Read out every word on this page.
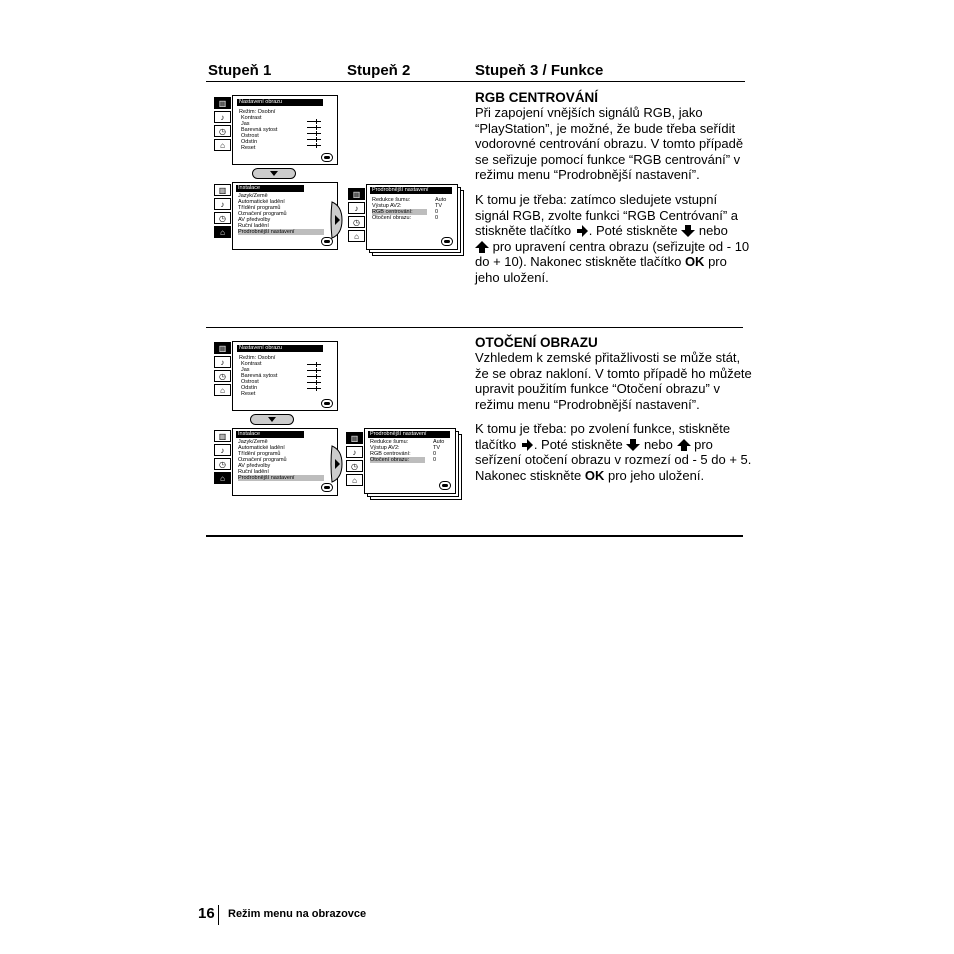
Stupeň 1	Stupeň 2	Stupeň 3 / Funkce
▥
♪
◷
⌂
Nastavení obrazu
Režim: Osobní
Kontrast
Jas
Barevná sytost
Ostrost
Odstín
Reset
▥
♪
◷
⌂
Instalace
Jazyk/Země
Automatické ladění
Třídění programů
Označení programů
AV předvolby
Ruční ladění
Prodrobnější nastavení
▥
♪
◷
⌂
Prodrobnější nastavení
Redukce šumu:
Výstup AV2:
RGB centrování:
Otočení obrazu:
Auto
TV
0
0
RGB CENTROVÁNÍ
Při zapojení vnějších signálů RGB, jako “PlayStation”, je možné, že bude třeba seřídit vodorovné centrování obrazu. V tomto případě se seřizuje pomocí funkce “RGB centrování” v režimu menu “Prodrobnější nastavení”.
K tomu je třeba: zatímco sledujete vstupní signál RGB, zvolte funkci “RGB Centróvaní” a stiskněte tlačítko . Poté stiskněte nebo
pro upravení centra obrazu (seřizujte od - 10 do + 10). Nakonec stiskněte tlačítko OK pro jeho uložení.
▥
♪
◷
⌂
Nastavení obrazu
Režim: Osobní
Kontrast
Jas
Barevná sytost
Ostrost
Odstín
Reset
▥
♪
◷
⌂
Instalace
Jazyk/Země
Automatické ladění
Třídění programů
Označení programů
AV předvolby
Ruční ladění
Prodrobnější nastavení
▥
♪
◷
⌂
Prodrobnější nastavení
Redukce šumu:
Výstup AV2:
RGB centrování:
Otočení obrazu:
Auto
TV
0
0
OTOČENÍ OBRAZU
Vzhledem k zemské přitažlivosti se může stát, že se obraz nakloní. V tomto případě ho můžete upravit použitím funkce “Otočení obrazu” v režimu menu “Prodrobnější nastavení”.
K tomu je třeba: po zvolení funkce, stiskněte tlačítko . Poté stiskněte nebo pro seřízení otočení obrazu v rozmezí od - 5 do + 5. Nakonec stiskněte OK pro jeho uložení.
16 Režim menu na obrazovce
